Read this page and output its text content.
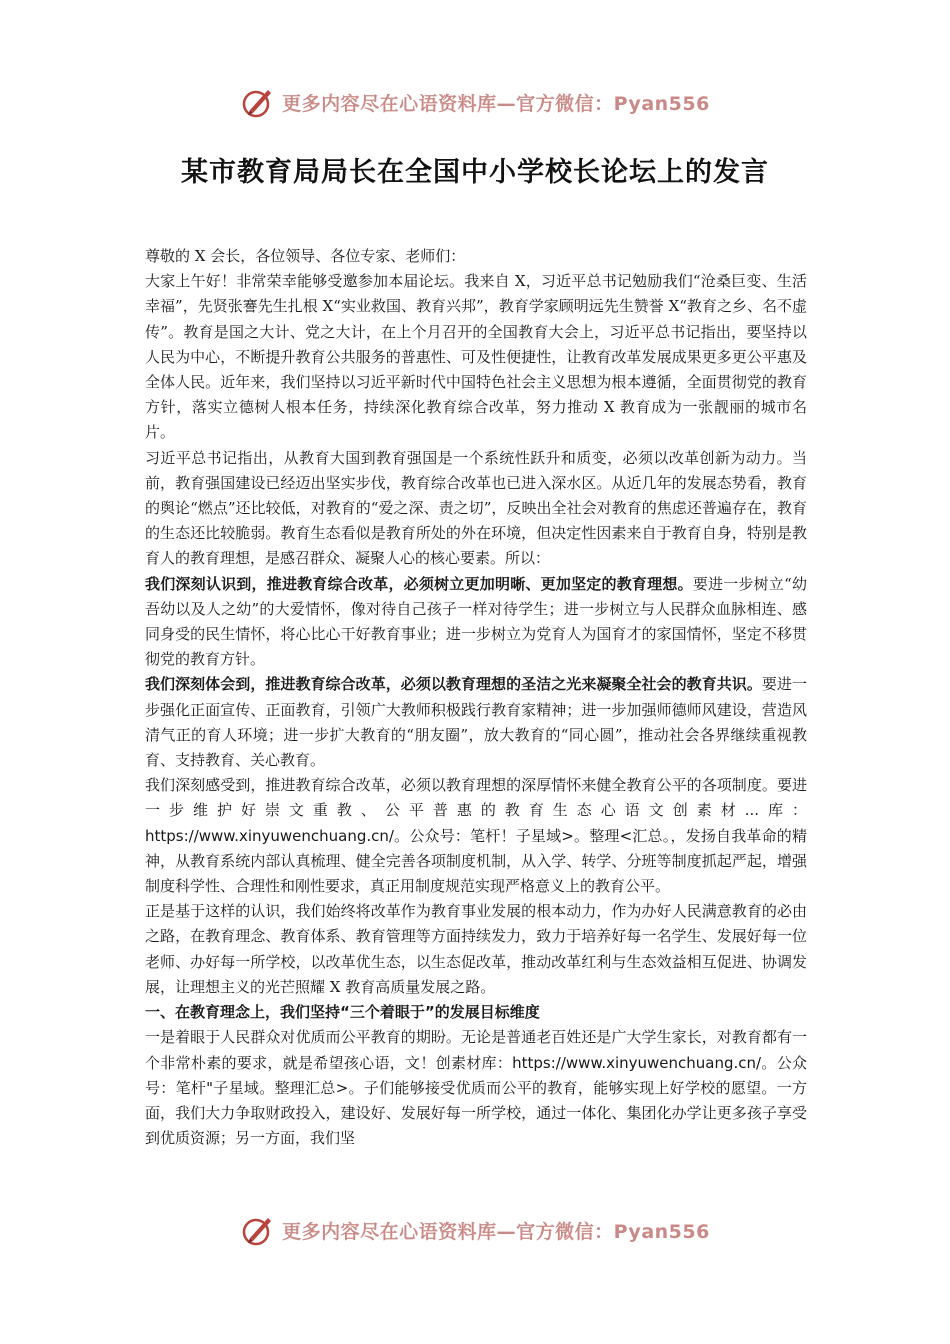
更多内容尽在心语资料库—官方微信：Pyan556
某市教育局局长在全国中小学校长论坛上的发言

尊敬的 X 会长，各位领导、各位专家、老师们：

大家上午好！非常荣幸能够受邀参加本届论坛。我来自 X，习近平总书记勉励我们“沧桑巨变、生活幸福”，先贤张謇先生扎根 X“实业救国、教育兴邦”，教育学家顾明远先生赞誉 X“教育之乡、名不虚传”。教育是国之大计、党之大计，在上个月召开的全国教育大会上，习近平总书记指出，要坚持以人民为中心，不断提升教育公共服务的普惠性、可及性便捷性，让教育改革发展成果更多更公平惠及全体人民。近年来，我们坚持以习近平新时代中国特色社会主义思想为根本遵循，全面贯彻党的教育方针，落实立德树人根本任务，持续深化教育综合改革，努力推动 X 教育成为一张靓丽的城市名片。

习近平总书记指出，从教育大国到教育强国是一个系统性跃升和质变，必须以改革创新为动力。当前，教育强国建设已经迈出坚实步伐，教育综合改革也已进入深水区。从近几年的发展态势看，教育的舆论“燃点”还比较低，对教育的“爱之深、责之切”，反映出全社会对教育的焦虑还普遍存在，教育的生态还比较脆弱。教育生态看似是教育所处的外在环境，但决定性因素来自于教育自身，特别是教育人的教育理想，是感召群众、凝聚人心的核心要素。所以：

我们深刻认识到，推进教育综合改革，必须树立更加明晰、更加坚定的教育理想。要进一步树立“幼吾幼以及人之幼”的大爱情怀，像对待自己孩子一样对待学生；进一步树立与人民群众血脉相连、感同身受的民生情怀，将心比心干好教育事业；进一步树立为党育人为国育才的家国情怀，坚定不移贯彻党的教育方针。

我们深刻体会到，推进教育综合改革，必须以教育理想的圣洁之光来凝聚全社会的教育共识。要进一步强化正面宣传、正面教育，引领广大教师积极践行教育家精神；进一步加强师德师风建设，营造风清气正的育人环境；进一步扩大教育的“朋友圈”，放大教育的“同心圆”，推动社会各界继续重视教育、支持教育、关心教育。

我们深刻感受到，推进教育综合改革，必须以教育理想的深厚情怀来健全教育公平的各项制度。要进一步维护好崇文重教、公平普惠的教育生态心语文创素材...库：https://www.xinyuwenchuang.cn/。公众号：笔杆！子星域>。整理<汇总。，发扬自我革命的精神，从教育系统内部认真梳理、健全完善各项制度机制，从入学、转学、分班等制度抓起严起，增强制度科学性、合理性和刚性要求，真正用制度规范实现严格意义上的教育公平。

正是基于这样的认识，我们始终将改革作为教育事业发展的根本动力，作为办好人民满意教育的必由之路，在教育理念、教育体系、教育管理等方面持续发力，致力于培养好每一名学生、发展好每一位老师、办好每一所学校，以改革优生态，以生态促改革，推动改革红利与生态效益相互促进、协调发展，让理想主义的光芒照耀 X 教育高质量发展之路。

一、在教育理念上，我们坚持“三个着眼于”的发展目标维度

一是着眼于人民群众对优质而公平教育的期盼。无论是普通老百姓还是广大学生家长，对教育都有一个非常朴素的要求，就是希望孩心语，文！创素材库：https://www.xinyuwenchuang.cn/。公众号：笔杆"子星域。整理汇总>。子们能够接受优质而公平的教育，能够实现上好学校的愿望。一方面，我们大力争取财政投入，建设好、发展好每一所学校，通过一体化、集团化办学让更多孩子享受到优质资源；另一方面，我们坚

更多内容尽在心语资料库—官方微信：Pyan556
